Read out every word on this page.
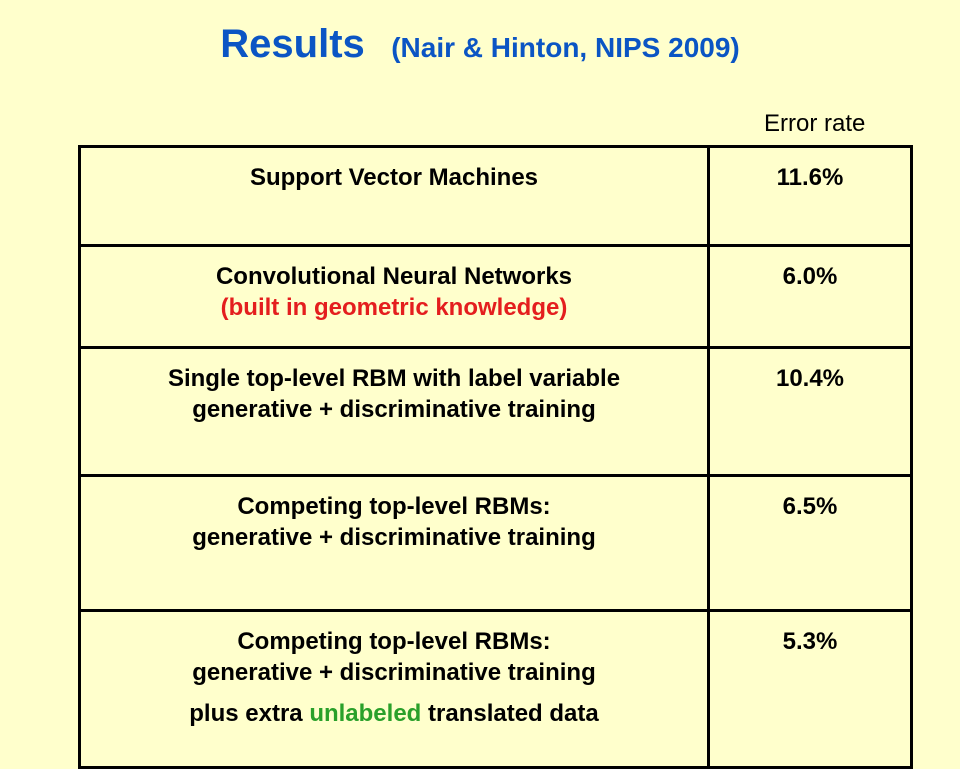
Results (Nair & Hinton, NIPS 2009)
Error rate
Support Vector Machines	11.6%

Convolutional Neural Networks
(built in geometric knowledge)	6.0%

Single top-level RBM with label variable
generative + discriminative training	10.4%

Competing top-level RBMs:
generative + discriminative training	6.5%

Competing top-level RBMs:
generative + discriminative training
plus extra unlabeled translated data	5.3%
